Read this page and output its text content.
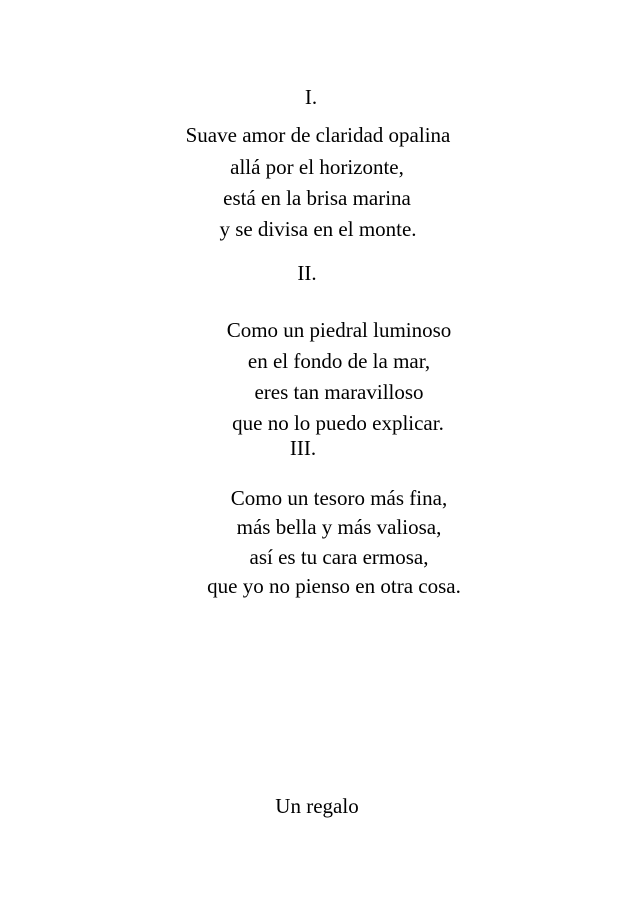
I.
Suave amor de claridad opalina
allá por el horizonte,
está en la brisa marina
y se divisa en el monte.
II.
Como un piedral luminoso
en el fondo de la mar,
eres tan maravilloso
que no lo puedo explicar.
III.
Como un tesoro más fina,
más bella y más valiosa,
así es tu cara ermosa,
que yo no pienso en otra cosa.
Un regalo
